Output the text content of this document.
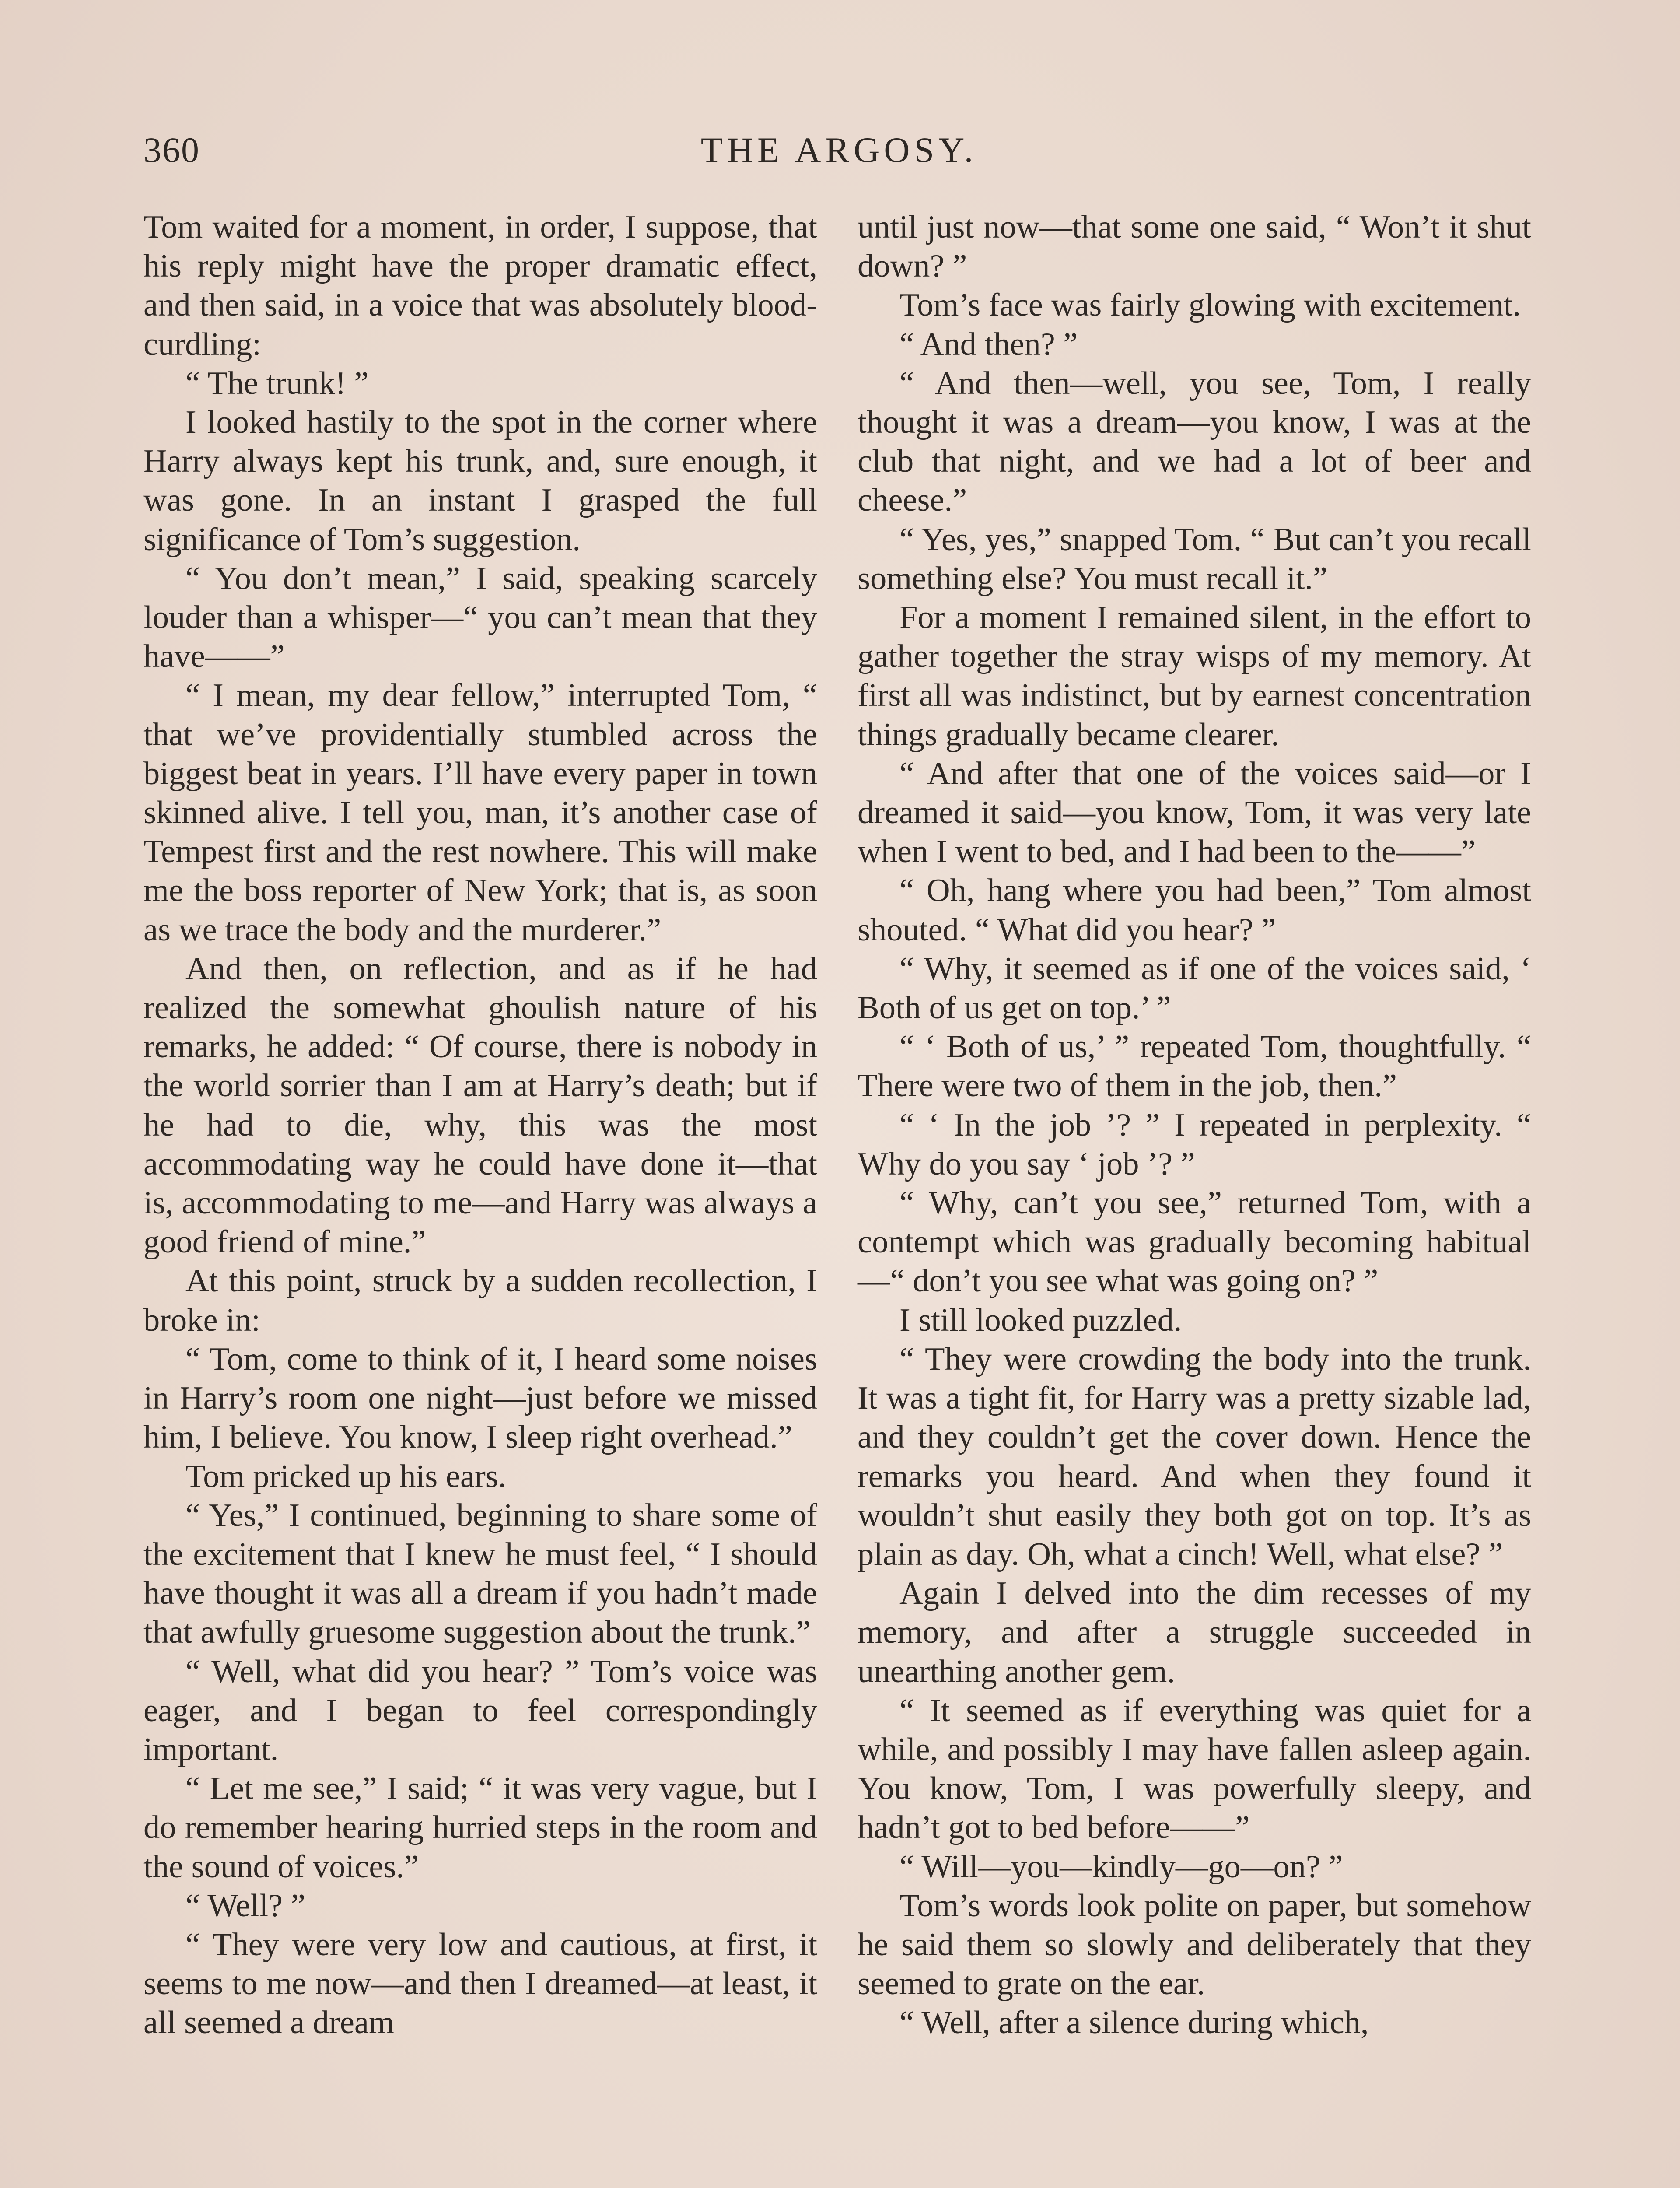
360	THE ARGOSY.

Tom waited for a moment, in order, I suppose, that his reply might have the proper dramatic effect, and then said, in a voice that was absolutely blood-curdling:

“ The trunk! ”

I looked hastily to the spot in the corner where Harry always kept his trunk, and, sure enough, it was gone. In an instant I grasped the full significance of Tom’s suggestion.

“ You don’t mean,” I said, speaking scarcely louder than a whisper—“ you can’t mean that they have——”

“ I mean, my dear fellow,” interrupted Tom, “ that we’ve providentially stumbled across the biggest beat in years. I’ll have every paper in town skinned alive. I tell you, man, it’s another case of Tempest first and the rest nowhere. This will make me the boss reporter of New York; that is, as soon as we trace the body and the murderer.”

And then, on reflection, and as if he had realized the somewhat ghoulish nature of his remarks, he added: “ Of course, there is nobody in the world sorrier than I am at Harry’s death; but if he had to die, why, this was the most accommodating way he could have done it—that is, accommodating to me—and Harry was always a good friend of mine.”

At this point, struck by a sudden recollection, I broke in:

“ Tom, come to think of it, I heard some noises in Harry’s room one night—just before we missed him, I believe. You know, I sleep right overhead.”

Tom pricked up his ears.

“ Yes,” I continued, beginning to share some of the excitement that I knew he must feel, “ I should have thought it was all a dream if you hadn’t made that awfully gruesome suggestion about the trunk.”

“ Well, what did you hear? ” Tom’s voice was eager, and I began to feel correspondingly important.

“ Let me see,” I said; “ it was very vague, but I do remember hearing hurried steps in the room and the sound of voices.”

“ Well? ”

“ They were very low and cautious, at first, it seems to me now—and then I dreamed—at least, it all seemed a dream

until just now—that some one said, “ Won’t it shut down? ”

Tom’s face was fairly glowing with excitement.

“ And then? ”

“ And then—well, you see, Tom, I really thought it was a dream—you know, I was at the club that night, and we had a lot of beer and cheese.”

“ Yes, yes,” snapped Tom. “ But can’t you recall something else? You must recall it.”

For a moment I remained silent, in the effort to gather together the stray wisps of my memory. At first all was indistinct, but by earnest concentration things gradually became clearer.

“ And after that one of the voices said—or I dreamed it said—you know, Tom, it was very late when I went to bed, and I had been to the——”

“ Oh, hang where you had been,” Tom almost shouted. “ What did you hear? ”

“ Why, it seemed as if one of the voices said, ‘ Both of us get on top.’ ”

“ ‘ Both of us,’ ” repeated Tom, thoughtfully. “ There were two of them in the job, then.”

“ ‘ In the job ’? ” I repeated in perplexity. “ Why do you say ‘ job ’? ”

“ Why, can’t you see,” returned Tom, with a contempt which was gradually becoming habitual—“ don’t you see what was going on? ”

I still looked puzzled.

“ They were crowding the body into the trunk. It was a tight fit, for Harry was a pretty sizable lad, and they couldn’t get the cover down. Hence the remarks you heard. And when they found it wouldn’t shut easily they both got on top. It’s as plain as day. Oh, what a cinch! Well, what else? ”

Again I delved into the dim recesses of my memory, and after a struggle succeeded in unearthing another gem.

“ It seemed as if everything was quiet for a while, and possibly I may have fallen asleep again. You know, Tom, I was powerfully sleepy, and hadn’t got to bed before——”

“ Will—you—kindly—go—on? ”

Tom’s words look polite on paper, but somehow he said them so slowly and deliberately that they seemed to grate on the ear.

“ Well, after a silence during which,
